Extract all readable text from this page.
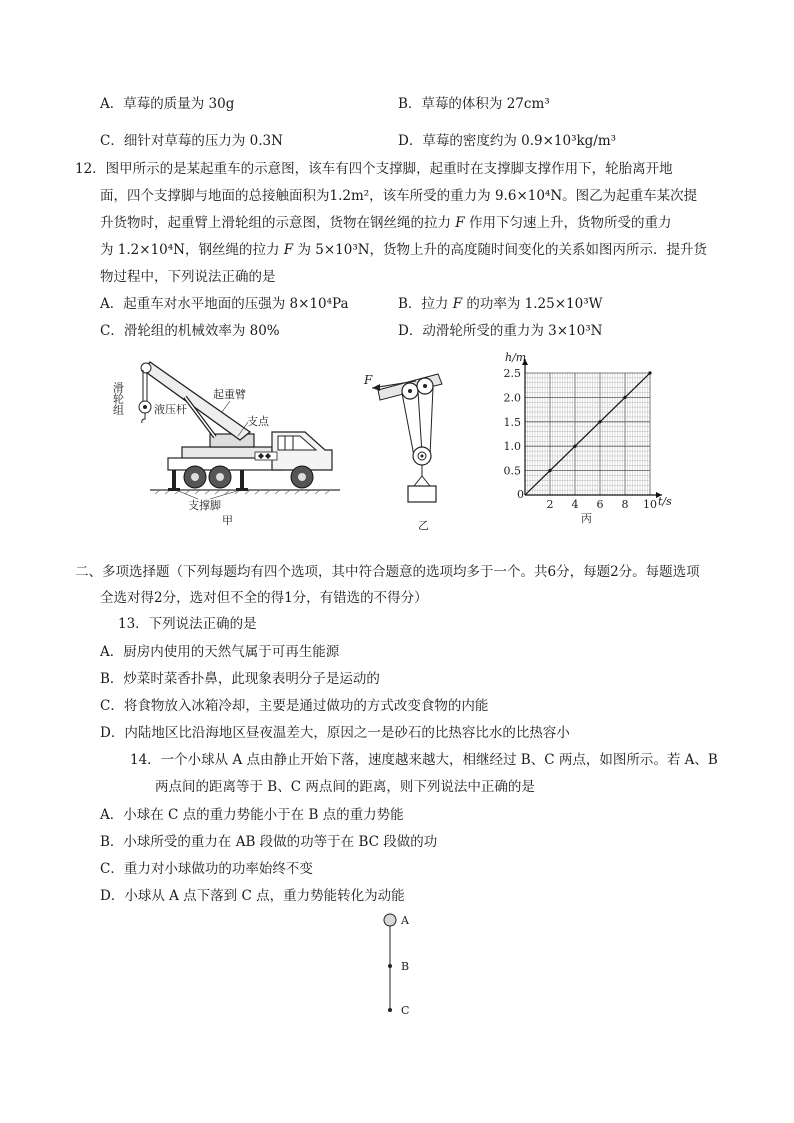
A．草莓的质量为 30g	B．草莓的体积为 27cm³
C．细针对草莓的压力为 0.3N	D．草莓的密度约为 0.9×10³kg/m³
12．图甲所示的是某起重车的示意图，该车有四个支撑脚，起重时在支撑脚支撑作用下，轮胎离开地
面，四个支撑脚与地面的总接触面积为1.2m²，该车所受的重力为 9.6×10⁴N。图乙为起重车某次提
升货物时，起重臂上滑轮组的示意图，货物在钢丝绳的拉力 F 作用下匀速上升，货物所受的重力
为 1.2×10⁴N，钢丝绳的拉力 F 为 5×10³N，货物上升的高度随时间变化的关系如图丙所示．提升货
物过程中，下列说法正确的是
A．起重车对水平地面的压强为 8×10⁴Pa	B．拉力 F 的功率为 1.25×10³W
C．滑轮组的机械效率为 80%	D．动滑轮所受的重力为 3×10³N
滑轮组	液压杆
起重臂
支点
支撑脚
甲
F
乙
2 4 6 8 10
0.5
1.0
1.5
2.0
2.5
h/m
t/s
0
丙
二、多项选择题（下列每题均有四个选项，其中符合题意的选项均多于一个。共6分，每题2分。每题选项
全选对得2分，选对但不全的得1分，有错选的不得分）
13．下列说法正确的是
A．厨房内使用的天然气属于可再生能源
B．炒菜时菜香扑鼻，此现象表明分子是运动的
C．将食物放入冰箱冷却，主要是通过做功的方式改变食物的内能
D．内陆地区比沿海地区昼夜温差大，原因之一是砂石的比热容比水的比热容小
14．一个小球从 A 点由静止开始下落，速度越来越大，相继经过 B、C 两点，如图所示。若 A、B
两点间的距离等于 B、C 两点间的距离，则下列说法中正确的是
A．小球在 C 点的重力势能小于在 B 点的重力势能
B．小球所受的重力在 AB 段做的功等于在 BC 段做的功
C．重力对小球做功的功率始终不变
D．小球从 A 点下落到 C 点，重力势能转化为动能
A
B
C
